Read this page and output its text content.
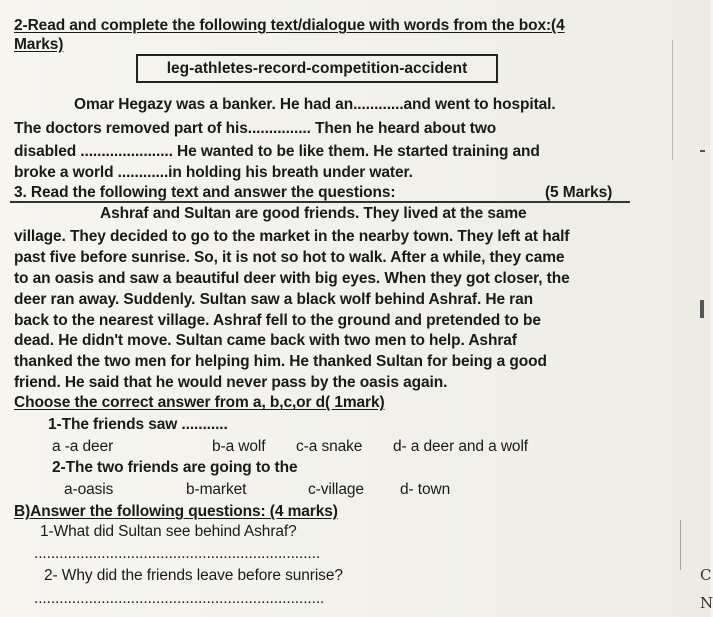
2-Read and complete the following text/dialogue with words from the box:(4
Marks)
leg-athletes-record-competition-accident
Omar Hegazy was a banker. He had an............and went to hospital.
The doctors removed part of his............... Then he heard about two
disabled ...................... He wanted to be like them. He started training and
broke a world ............in holding his breath under water.
3. Read the following text and answer the questions:	(5 Marks)
Ashraf and Sultan are good friends. They lived at the same
village. They decided to go to the market in the nearby town. They left at half
past five before sunrise. So, it is not so hot to walk. After a while, they came
to an oasis and saw a beautiful deer with big eyes. When they got closer, the
deer ran away. Suddenly. Sultan saw a black wolf behind Ashraf. He ran
back to the nearest village. Ashraf fell to the ground and pretended to be
dead. He didn't move. Sultan came back with two men to help. Ashraf
thanked the two men for helping him. He thanked Sultan for being a good
friend. He said that he would never pass by the oasis again.
Choose the correct answer from a, b,c,or d( 1mark)
1-The friends saw ...........
a -a deer	b-a wolf c-a snake d- a deer and a wolf
2-The two friends are going to the
a-oasis	b-market	c-village d- town
B)Answer the following questions: (4 marks)
1-What did Sultan see behind Ashraf?
....................................................................
2- Why did the friends leave before sunrise?
.....................................................................
C
N
